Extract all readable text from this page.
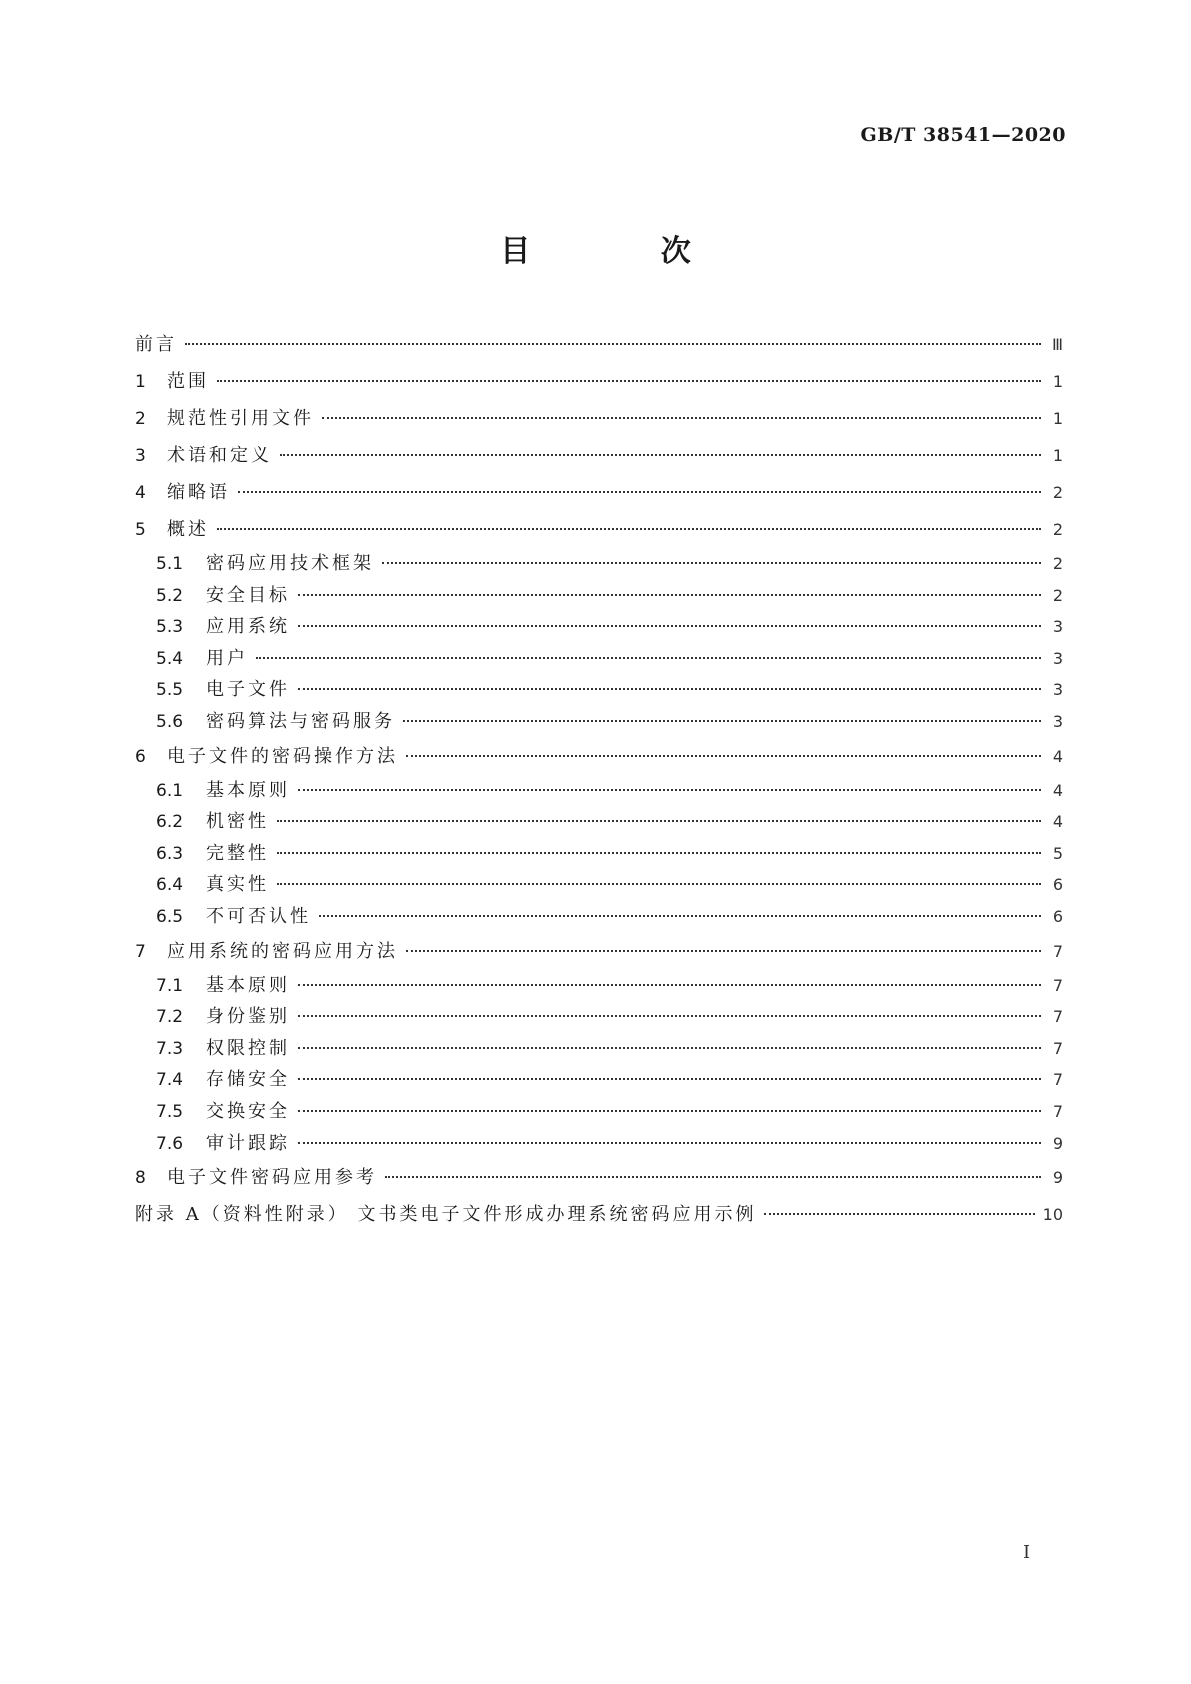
GB/T 38541—2020
目 次
前言	Ⅲ
1	范围	1
2	规范性引用文件	1
3	术语和定义	1
4	缩略语	2
5	概述	2
5.1	密码应用技术框架	2
5.2	安全目标	2
5.3	应用系统	3
5.4	用户	3
5.5	电子文件	3
5.6	密码算法与密码服务	3
6	电子文件的密码操作方法	4
6.1	基本原则	4
6.2	机密性	4
6.3	完整性	5
6.4	真实性	6
6.5	不可否认性	6
7	应用系统的密码应用方法	7
7.1	基本原则	7
7.2	身份鉴别	7
7.3	权限控制	7
7.4	存储安全	7
7.5	交换安全	7
7.6	审计跟踪	9
8	电子文件密码应用参考	9
附录 A（资料性附录） 文书类电子文件形成办理系统密码应用示例	10
I
